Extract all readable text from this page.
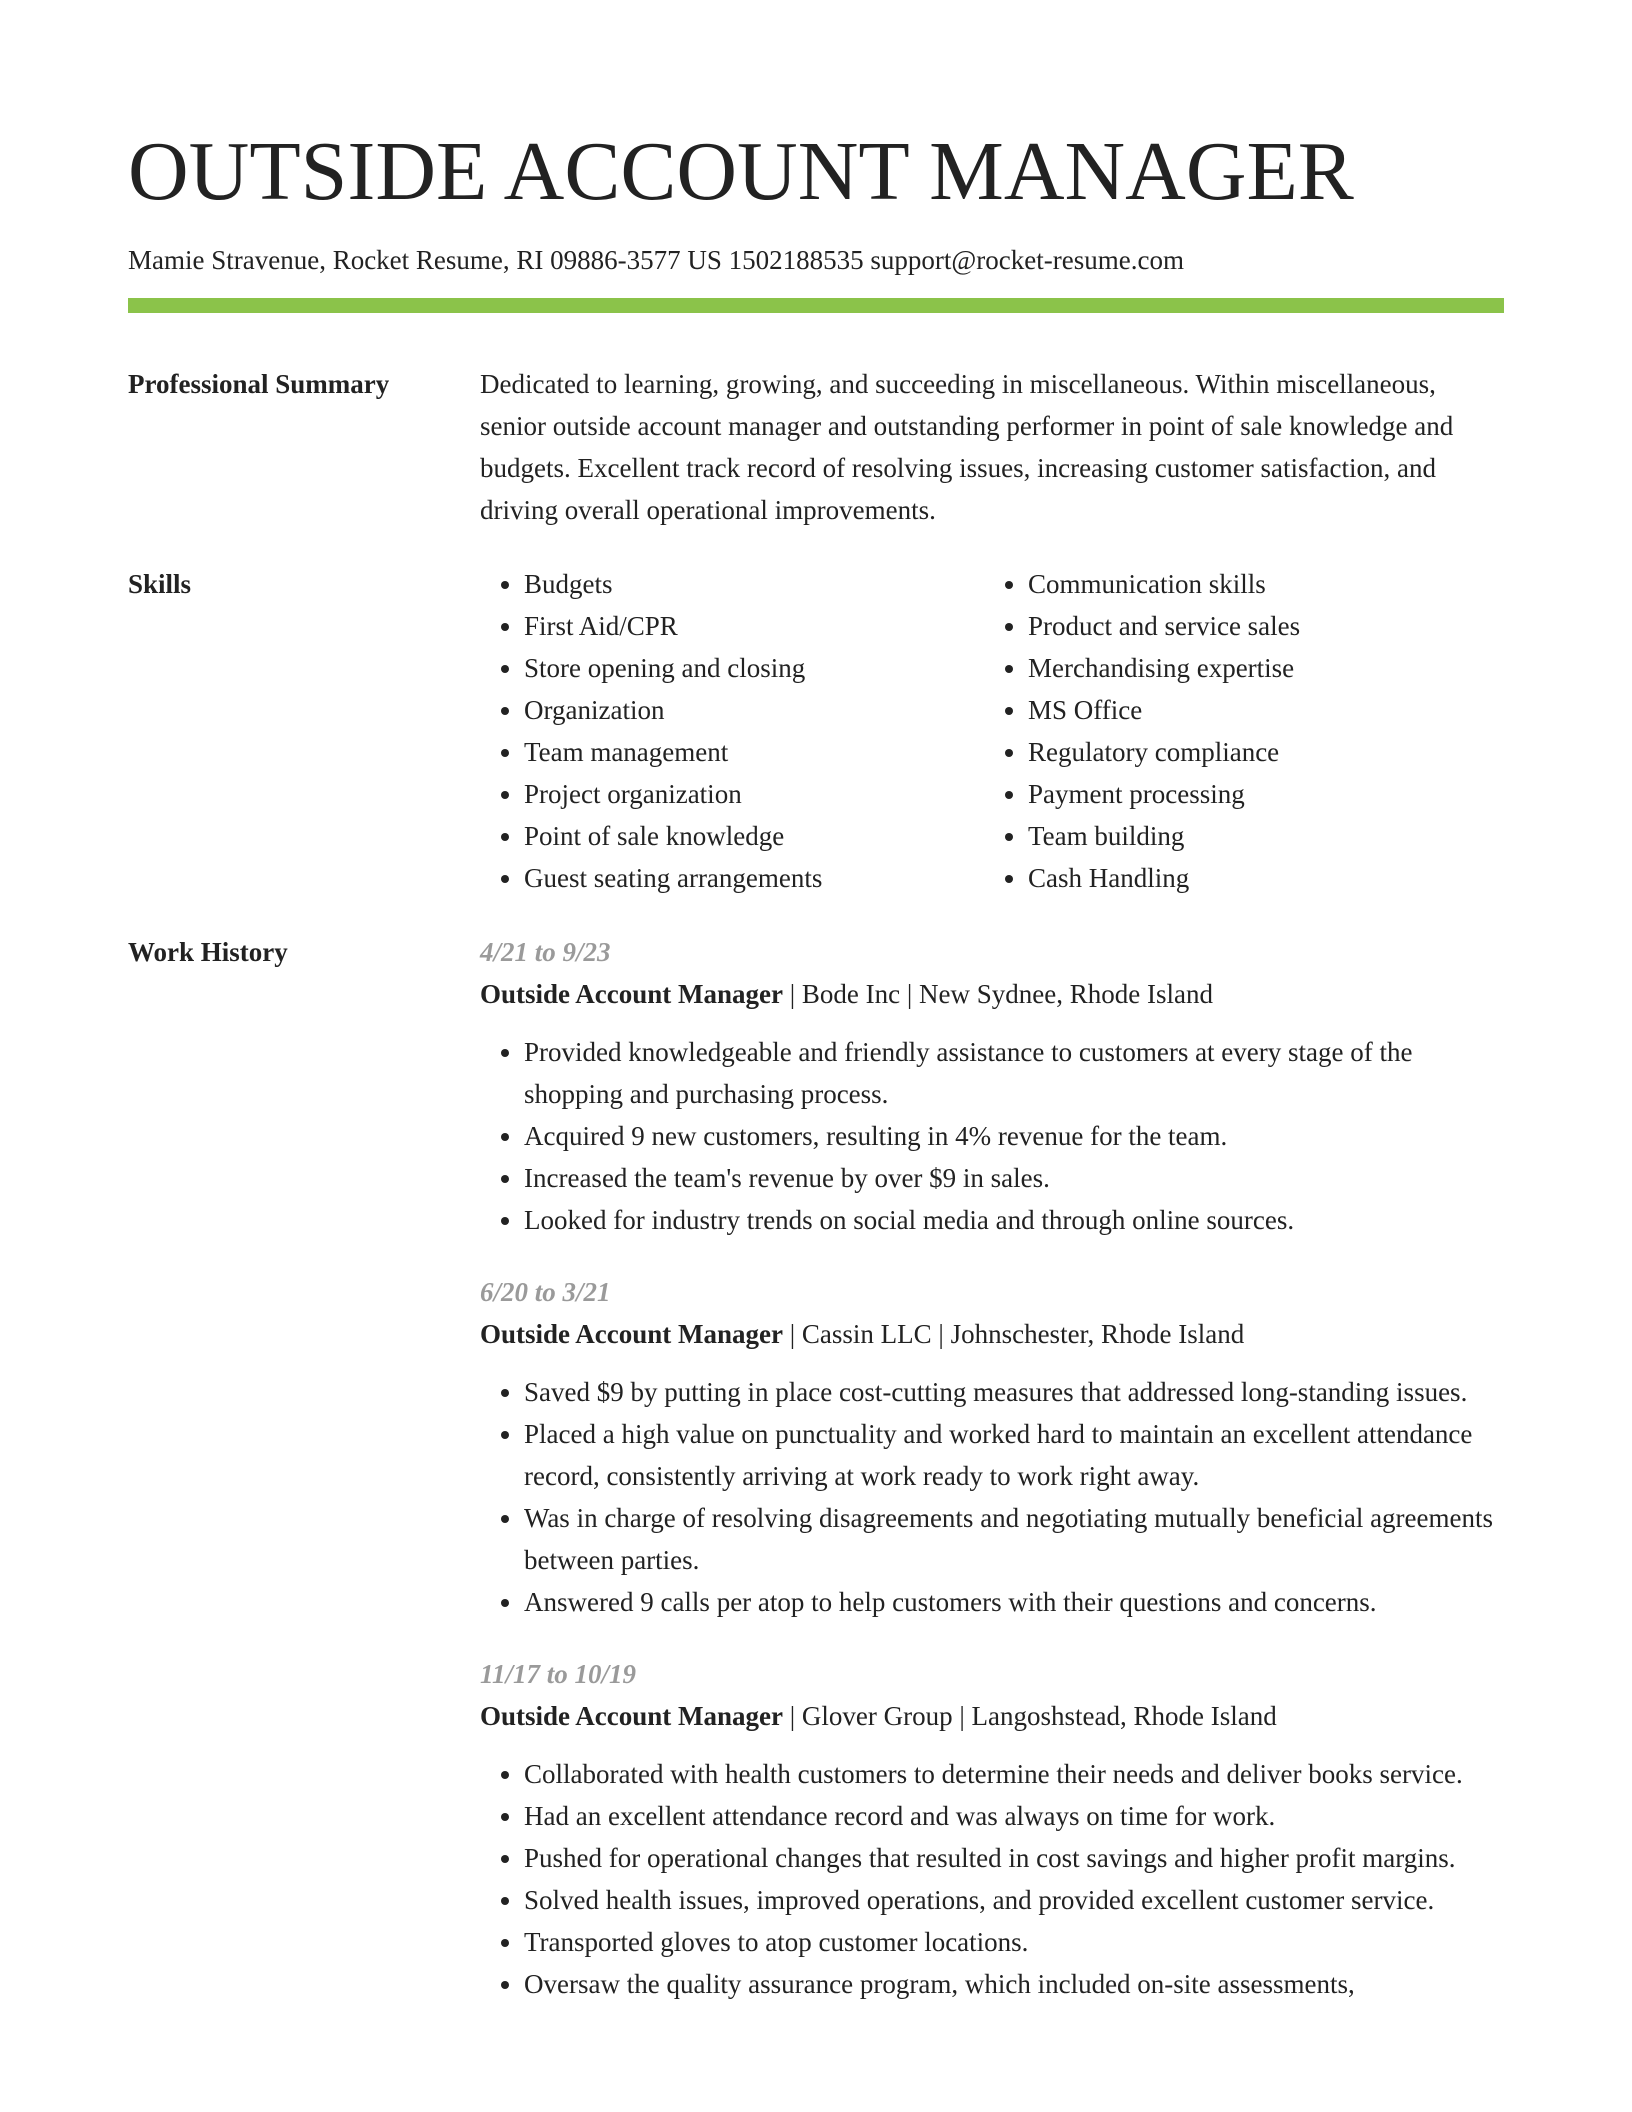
OUTSIDE ACCOUNT MANAGER
Mamie Stravenue, Rocket Resume, RI 09886-3577 US 1502188535 support@rocket-resume.com
Professional Summary	Dedicated to learning, growing, and succeeding in miscellaneous. Within miscellaneous, senior outside account manager and outstanding performer in point of sale knowledge and budgets. Excellent track record of resolving issues, increasing customer satisfaction, and driving overall operational improvements.

Skills
•	Budgets
• First Aid/CPR
• Store opening and closing
• Organization
• Team management
• Project organization
• Point of sale knowledge
• Guest seating arrangements
• Communication skills
• Product and service sales
• Merchandising expertise
• MS Office
• Regulatory compliance
• Payment processing
• Team building
• Cash Handling
Work History	4/21 to 9/23
Outside Account Manager | Bode Inc | New Sydnee, Rhode Island
• Provided knowledgeable and friendly assistance to customers at every stage of the shopping and purchasing process.
• Acquired 9 new customers, resulting in 4% revenue for the team.
• Increased the team's revenue by over $9 in sales.
• Looked for industry trends on social media and through online sources.
6/20 to 3/21
Outside Account Manager | Cassin LLC | Johnschester, Rhode Island
• Saved $9 by putting in place cost-cutting measures that addressed long-standing issues.
• Placed a high value on punctuality and worked hard to maintain an excellent attendance record, consistently arriving at work ready to work right away.
• Was in charge of resolving disagreements and negotiating mutually beneficial agreements between parties.
• Answered 9 calls per atop to help customers with their questions and concerns.
11/17 to 10/19
Outside Account Manager | Glover Group | Langoshstead, Rhode Island
• Collaborated with health customers to determine their needs and deliver books service.
• Had an excellent attendance record and was always on time for work.
• Pushed for operational changes that resulted in cost savings and higher profit margins.
• Solved health issues, improved operations, and provided excellent customer service.
• Transported gloves to atop customer locations.
• Oversaw the quality assurance program, which included on-site assessments,
